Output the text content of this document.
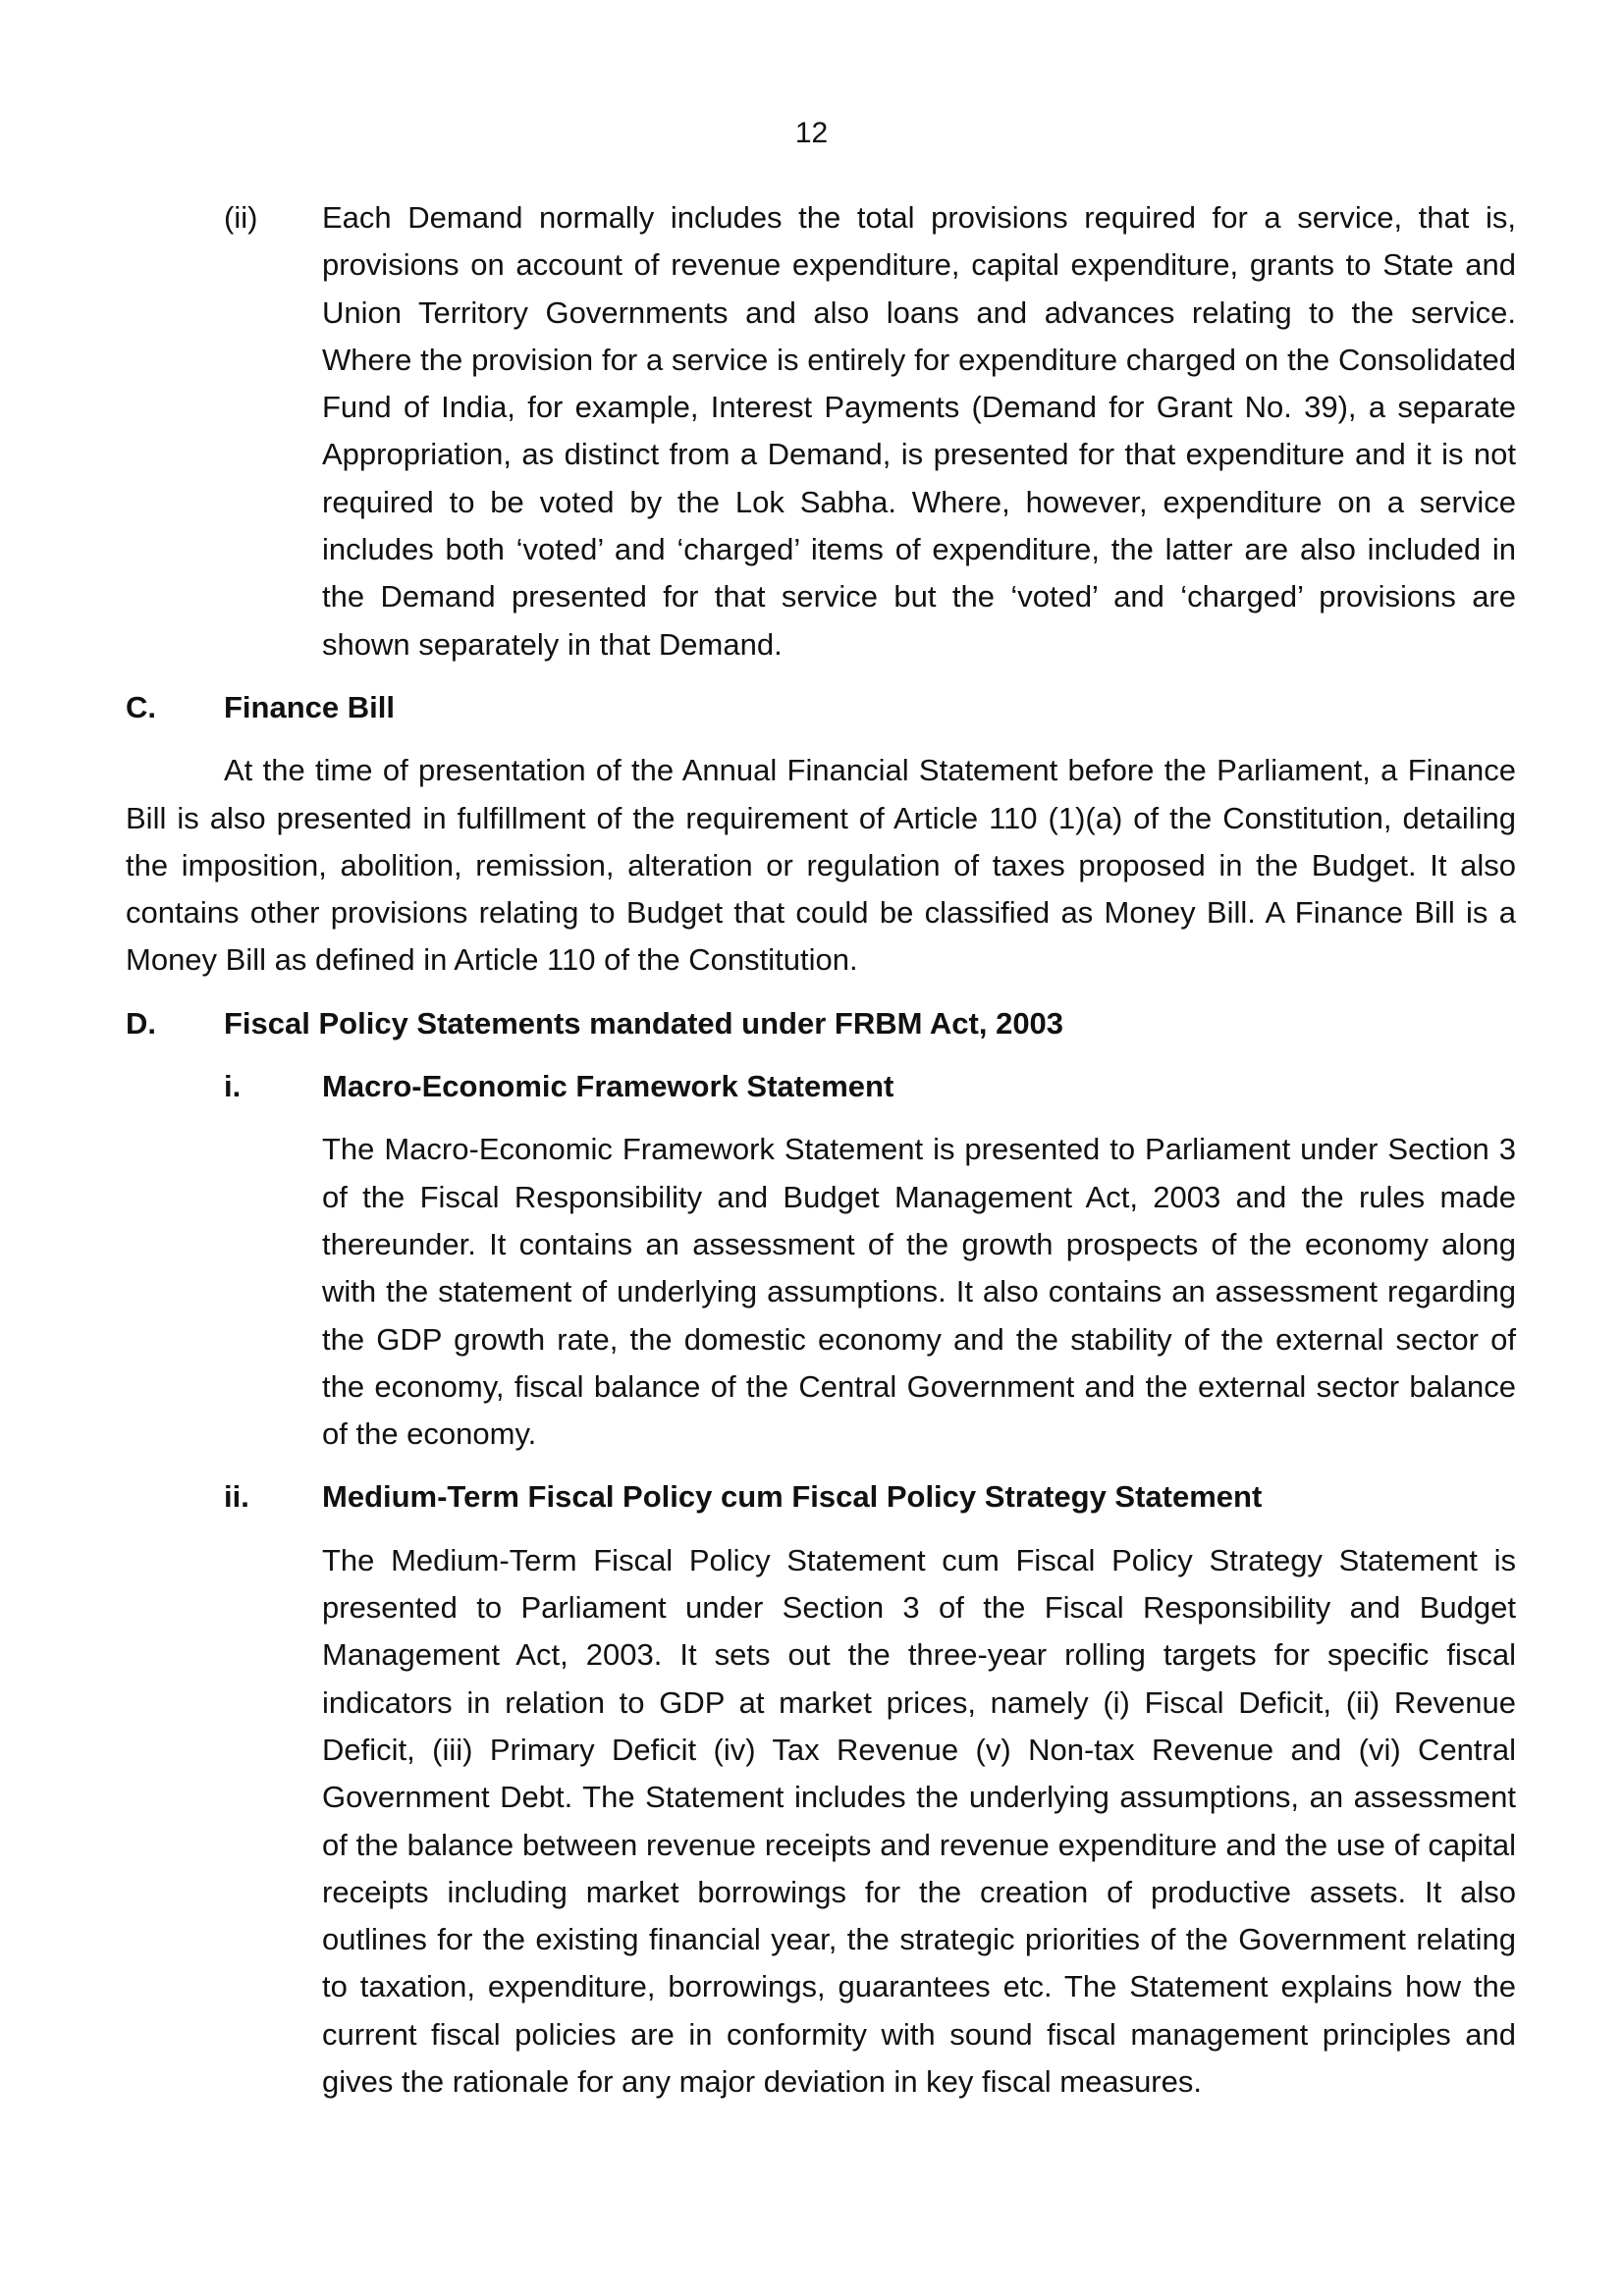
12
(ii)	Each Demand normally includes the total provisions required for a service, that is, provisions on account of revenue expenditure, capital expenditure, grants to State and Union Territory Governments and also loans and advances relating to the service. Where the provision for a service is entirely for expenditure charged on the Consolidated Fund of India, for example, Interest Payments (Demand for Grant No. 39), a separate Appropriation, as distinct from a Demand, is presented for that expenditure and it is not required to be voted by the Lok Sabha. Where, however, expenditure on a service includes both ‘voted’ and ‘charged’ items of expenditure, the latter are also included in the Demand presented for that service but the ‘voted’ and ‘charged’ provisions are shown separately in that Demand.

C.	Finance Bill

At the time of presentation of the Annual Financial Statement before the Parliament, a Finance Bill is also presented in fulfillment of the requirement of Article 110 (1)(a) of the Constitution, detailing the imposition, abolition, remission, alteration or regulation of taxes proposed in the Budget. It also contains other provisions relating to Budget that could be classified as Money Bill. A Finance Bill is a Money Bill as defined in Article 110 of the Constitution.

D.	Fiscal Policy Statements mandated under FRBM Act, 2003
i.	Macro-Economic Framework Statement

The Macro-Economic Framework Statement is presented to Parliament under Section 3 of the Fiscal Responsibility and Budget Management Act, 2003 and the rules made thereunder. It contains an assessment of the growth prospects of the economy along with the statement of underlying assumptions. It also contains an assessment regarding the GDP growth rate, the domestic economy and the stability of the external sector of the economy, fiscal balance of the Central Government and the external sector balance of the economy.

ii.	Medium-Term Fiscal Policy cum Fiscal Policy Strategy Statement

The Medium-Term Fiscal Policy Statement cum Fiscal Policy Strategy Statement is presented to Parliament under Section 3 of the Fiscal Responsibility and Budget Management Act, 2003. It sets out the three-year rolling targets for specific fiscal indicators in relation to GDP at market prices, namely (i) Fiscal Deficit, (ii) Revenue Deficit, (iii) Primary Deficit (iv) Tax Revenue (v) Non-tax Revenue and (vi) Central Government Debt. The Statement includes the underlying assumptions, an assessment of the balance between revenue receipts and revenue expenditure and the use of capital receipts including market borrowings for the creation of productive assets. It also outlines for the existing financial year, the strategic priorities of the Government relating to taxation, expenditure, borrowings, guarantees etc. The Statement explains how the current fiscal policies are in conformity with sound fiscal management principles and gives the rationale for any major deviation in key fiscal measures.
